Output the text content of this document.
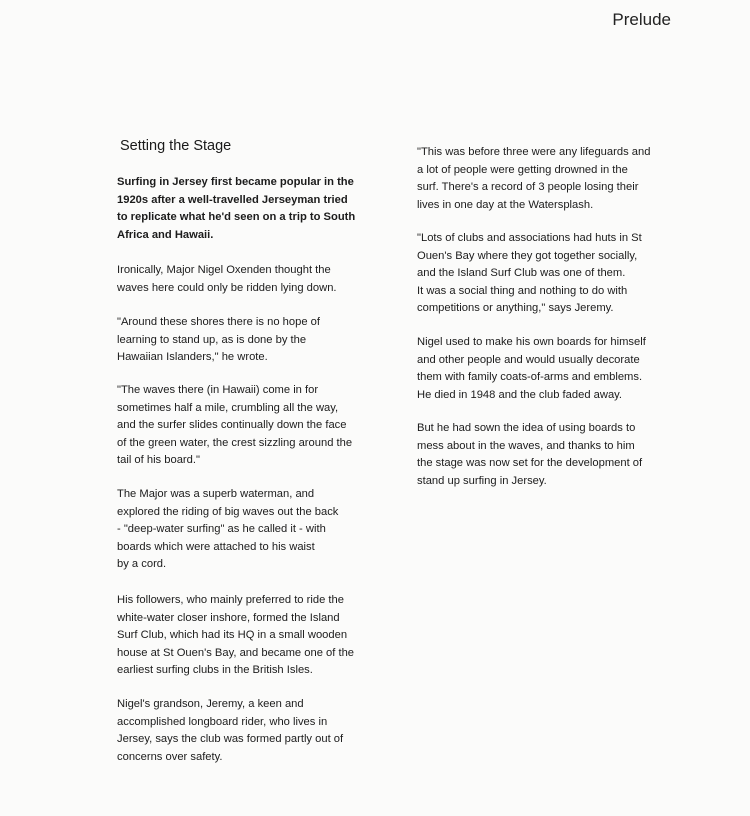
Prelude
Setting the Stage

Surfing in Jersey first became popular in the
1920s after a well-travelled Jerseyman tried
to replicate what he'd seen on a trip to South
Africa and Hawaii.

Ironically, Major Nigel Oxenden thought the
waves here could only be ridden lying down.

"Around these shores there is no hope of
learning to stand up, as is done by the
Hawaiian Islanders," he wrote.

"The waves there (in Hawaii) come in for
sometimes half a mile, crumbling all the way,
and the surfer slides continually down the face
of the green water, the crest sizzling around the
tail of his board."

The Major was a superb waterman, and
explored the riding of big waves out the back
- "deep-water surfing" as he called it - with
boards which were attached to his waist
by a cord.

His followers, who mainly preferred to ride the
white-water closer inshore, formed the Island
Surf Club, which had its HQ in a small wooden
house at St Ouen's Bay, and became one of the
earliest surfing clubs in the British Isles.

Nigel's grandson, Jeremy, a keen and
accomplished longboard rider, who lives in
Jersey, says the club was formed partly out of
concerns over safety.

"This was before three were any lifeguards and
a lot of people were getting drowned in the
surf. There's a record of 3 people losing their
lives in one day at the Watersplash.

"Lots of clubs and associations had huts in St
Ouen's Bay where they got together socially,
and the Island Surf Club was one of them.
It was a social thing and nothing to do with
competitions or anything," says Jeremy.

Nigel used to make his own boards for himself
and other people and would usually decorate
them with family coats-of-arms and emblems.
He died in 1948 and the club faded away.

But he had sown the idea of using boards to
mess about in the waves, and thanks to him
the stage was now set for the development of
stand up surfing in Jersey.
